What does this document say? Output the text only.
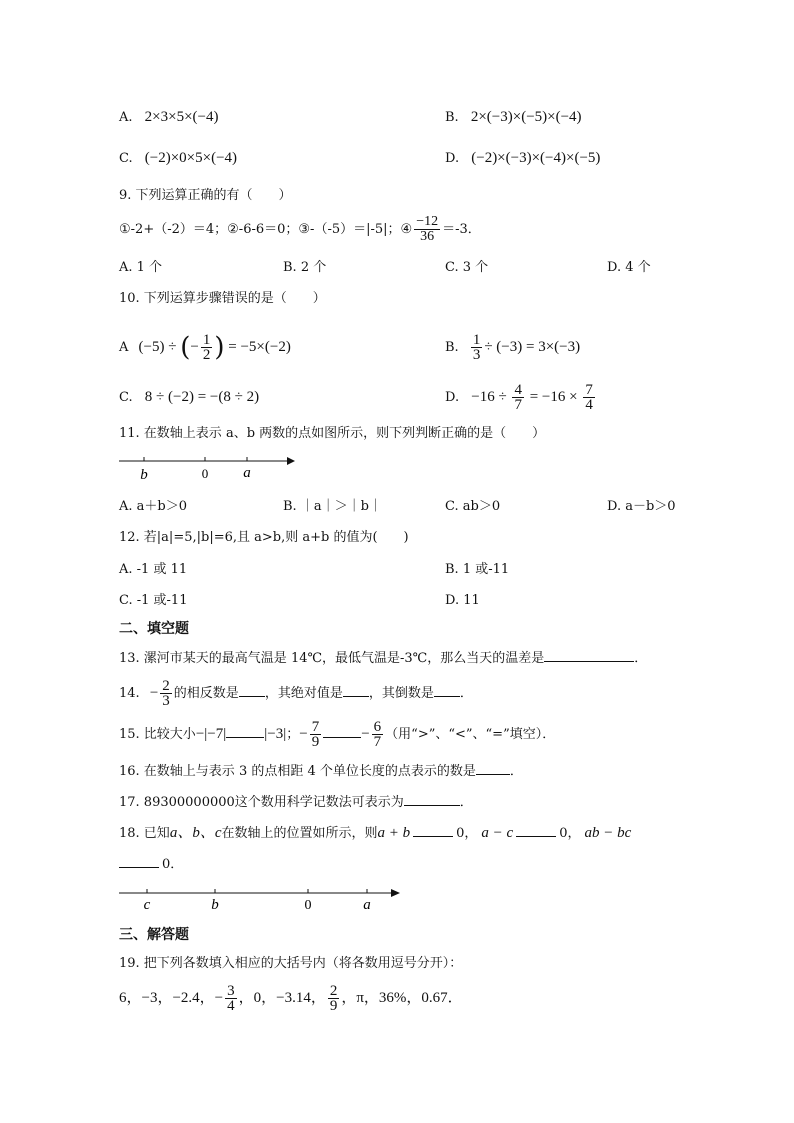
A. 2×3×5×(−4)	B. 2×(−3)×(−5)×(−4)
C. (−2)×0×5×(−4)	D. (−2)×(−3)×(−4)×(−5)
9. 下列运算正确的有（　　）
①-2+（-2）＝4；②-6-6＝0；③-（-5）＝|-5|；④ $\frac{-12}{36} =-3$．
A. 1 个	B. 2 个	C. 3 个	D. 4 个
10. 下列运算步骤错误的是（　　）
A (−5) ÷ (− $\frac{1}{2}$ ) = −5×(−2)	B. $\frac{1}{3} \div (-3) = 3\times(-3)$
C. 8 ÷ (−2) = −(8 ÷ 2)	D. $-16 \div \frac{4}{7} = -16 \times \frac{7}{4}$
11. 在数轴上表示 a、b 两数的点如图所示，则下列判断正确的是（　　）
b	0 a
A. a＋b＞0	B. ｜a｜＞｜b｜	C. ab＞0	D. a－b＞0
12. 若|a|=5,|b|=6,且 a>b,则 a+b 的值为(　　)
A. -1 或 11	B. 1 或-11
C. -1 或-11	D. 11
二、填空题
13. 漯河市某天的最高气温是 14℃，最低气温是-3℃，那么当天的温差是	．
14. − $\frac{2}{3}$ 的相反数是 ，其绝对值是 ，其倒数是 ．
15. 比较大小−|−7|	|−3|；− $\frac{7}{9}$	− $\frac{6}{7}$ （用“>”、“<”、“=”填空）．
16. 在数轴上与表示 3 的点相距 4 个单位长度的点表示的数是	．
17. 89300000000这个数用科学记数法可表示为	．
18. 已知a、b、c在数轴上的位置如所示，则a + b	0， a − c	0， ab − bc
0．
c	b	0	a
三、解答题
19. 把下列各数填入相应的大括号内（将各数用逗号分开）：
6，−3，−2.4，− $\frac{3}{4}$ ，0，−3.14， $\frac{2}{9}$ ，π，36%，0.67．
